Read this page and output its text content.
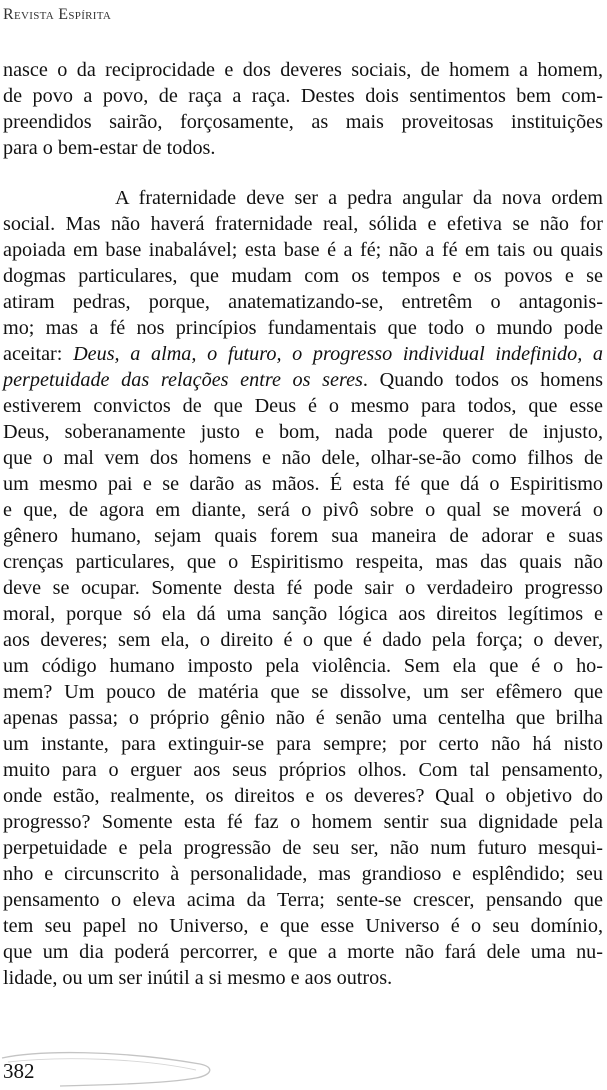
Revista Espírita
nasce o da reciprocidade e dos deveres sociais, de homem a homem,
de povo a povo, de raça a raça. Destes dois sentimentos bem com-
preendidos sairão, forçosamente, as mais proveitosas instituições
para o bem-estar de todos.
A fraternidade deve ser a pedra angular da nova ordem
social. Mas não haverá fraternidade real, sólida e efetiva se não for
apoiada em base inabalável; esta base é a fé; não a fé em tais ou quais
dogmas particulares, que mudam com os tempos e os povos e se
atiram pedras, porque, anatematizando-se, entretêm o antagonis-
mo; mas a fé nos princípios fundamentais que todo o mundo pode
aceitar: Deus, a alma, o futuro, o progresso individual indefinido, a
perpetuidade das relações entre os seres. Quando todos os homens
estiverem convictos de que Deus é o mesmo para todos, que esse
Deus, soberanamente justo e bom, nada pode querer de injusto,
que o mal vem dos homens e não dele, olhar-se-ão como filhos de
um mesmo pai e se darão as mãos. É esta fé que dá o Espiritismo
e que, de agora em diante, será o pivô sobre o qual se moverá o
gênero humano, sejam quais forem sua maneira de adorar e suas
crenças particulares, que o Espiritismo respeita, mas das quais não
deve se ocupar. Somente desta fé pode sair o verdadeiro progresso
moral, porque só ela dá uma sanção lógica aos direitos legítimos e
aos deveres; sem ela, o direito é o que é dado pela força; o dever,
um código humano imposto pela violência. Sem ela que é o ho-
mem? Um pouco de matéria que se dissolve, um ser efêmero que
apenas passa; o próprio gênio não é senão uma centelha que brilha
um instante, para extinguir-se para sempre; por certo não há nisto
muito para o erguer aos seus próprios olhos. Com tal pensamento,
onde estão, realmente, os direitos e os deveres? Qual o objetivo do
progresso? Somente esta fé faz o homem sentir sua dignidade pela
perpetuidade e pela progressão de seu ser, não num futuro mesqui-
nho e circunscrito à personalidade, mas grandioso e esplêndido; seu
pensamento o eleva acima da Terra; sente-se crescer, pensando que
tem seu papel no Universo, e que esse Universo é o seu domínio,
que um dia poderá percorrer, e que a morte não fará dele uma nu-
lidade, ou um ser inútil a si mesmo e aos outros.
382
